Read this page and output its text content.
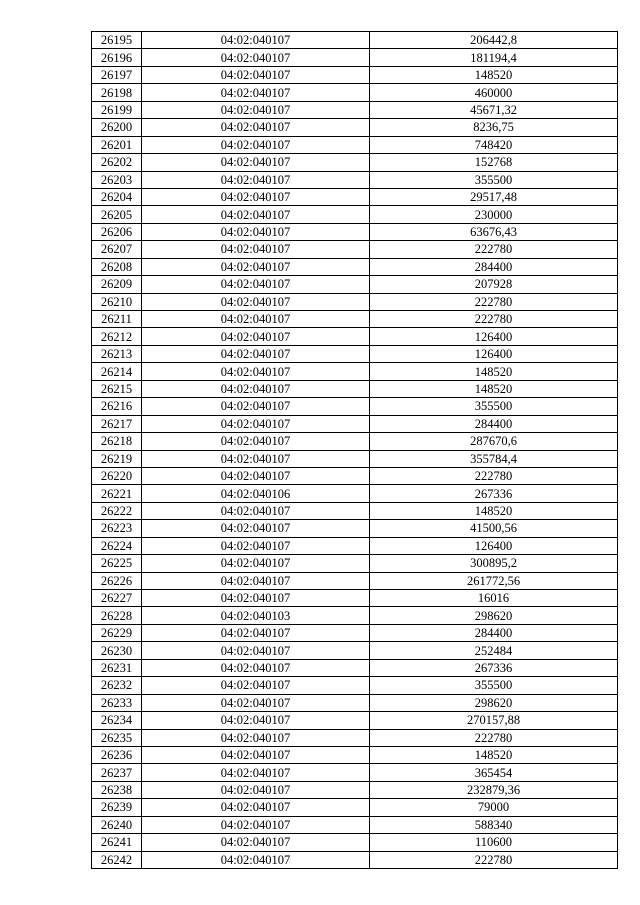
26195	04:02:040107	206442,8
26196	04:02:040107	181194,4
26197	04:02:040107	148520
26198	04:02:040107	460000
26199	04:02:040107	45671,32
26200	04:02:040107	8236,75
26201	04:02:040107	748420
26202	04:02:040107	152768
26203	04:02:040107	355500
26204	04:02:040107	29517,48
26205	04:02:040107	230000
26206	04:02:040107	63676,43
26207	04:02:040107	222780
26208	04:02:040107	284400
26209	04:02:040107	207928
26210	04:02:040107	222780
26211	04:02:040107	222780
26212	04:02:040107	126400
26213	04:02:040107	126400
26214	04:02:040107	148520
26215	04:02:040107	148520
26216	04:02:040107	355500
26217	04:02:040107	284400
26218	04:02:040107	287670,6
26219	04:02:040107	355784,4
26220	04:02:040107	222780
26221	04:02:040106	267336
26222	04:02:040107	148520
26223	04:02:040107	41500,56
26224	04:02:040107	126400
26225	04:02:040107	300895,2
26226	04:02:040107	261772,56
26227	04:02:040107	16016
26228	04:02:040103	298620
26229	04:02:040107	284400
26230	04:02:040107	252484
26231	04:02:040107	267336
26232	04:02:040107	355500
26233	04:02:040107	298620
26234	04:02:040107	270157,88
26235	04:02:040107	222780
26236	04:02:040107	148520
26237	04:02:040107	365454
26238	04:02:040107	232879,36
26239	04:02:040107	79000
26240	04:02:040107	588340
26241	04:02:040107	110600
26242	04:02:040107	222780
